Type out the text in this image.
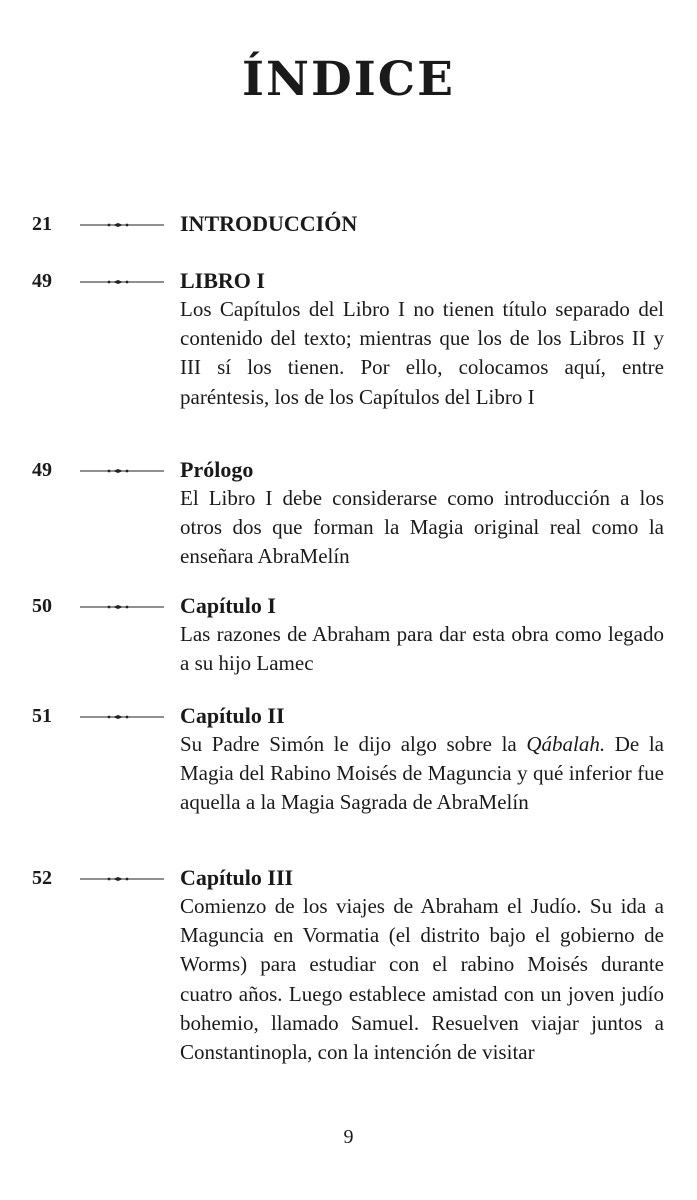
ÍNDICE
21	INTRODUCCIÓN
49	LIBRO I

Los Capítulos del Libro I no tienen título separado del contenido del texto; mientras que los de los Libros II y III sí los tienen. Por ello, colocamos aquí, entre paréntesis, los de los Capítulos del Libro I

49	Prólogo

El Libro I debe considerarse como introducción a los otros dos que forman la Magia original real como la enseñara AbraMelín

50	Capítulo I

Las razones de Abraham para dar esta obra como legado a su hijo Lamec

51	Capítulo II

Su Padre Simón le dijo algo sobre la Qábalah. De la Magia del Rabino Moisés de Maguncia y qué inferior fue aquella a la Magia Sagrada de AbraMelín

52	Capítulo III

Comienzo de los viajes de Abraham el Judío. Su ida a Maguncia en Vormatia (el distrito bajo el gobierno de Worms) para estudiar con el rabino Moisés durante cuatro años. Luego establece amistad con un joven judío bohemio, llamado Samuel. Resuelven viajar juntos a Constantinopla, con la intención de visitar

9
